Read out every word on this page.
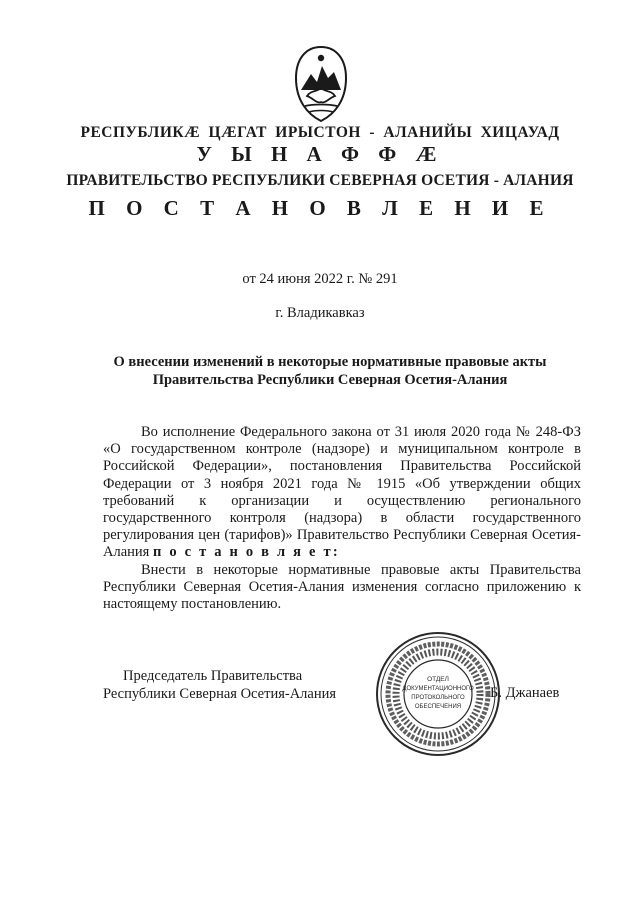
РЕСПУБЛИКӔ ЦӔГАТ ИРЫСТОН - АЛАНИЙЫ ХИЦАУАД
У Ы Н А Ф Ф Ӕ
ПРАВИТЕЛЬСТВО РЕСПУБЛИКИ СЕВЕРНАЯ ОСЕТИЯ - АЛАНИЯ
П О С Т А Н О В Л Е Н И Е
от 24 июня 2022 г. № 291
г. Владикавказ
О внесении изменений в некоторые нормативные правовые акты
Правительства Республики Северная Осетия-Алания

Во исполнение Федерального закона от 31 июля 2020 года № 248-ФЗ «О государственном контроле (надзоре) и муниципальном контроле в Российской Федерации», постановления Правительства Российской Федерации от 3 ноября 2021 года № 1915 «Об утверждении общих требований к организации и осуществлению регионального государственного контроля (надзора) в области государственного регулирования цен (тарифов)» Правительство Республики Северная Осетия-Алания п о с т а н о в л я е т:

Внести в некоторые нормативные правовые акты Правительства Республики Северная Осетия-Алания изменения согласно приложению к настоящему постановлению.

Председатель Правительства
Республики Северная Осетия-Алания
ОТДЕЛ
ДОКУМЕНТАЦИОННОГО
ПРОТОКОЛЬНОГО
ОБЕСПЕЧЕНИЯ
Б. Джанаев
